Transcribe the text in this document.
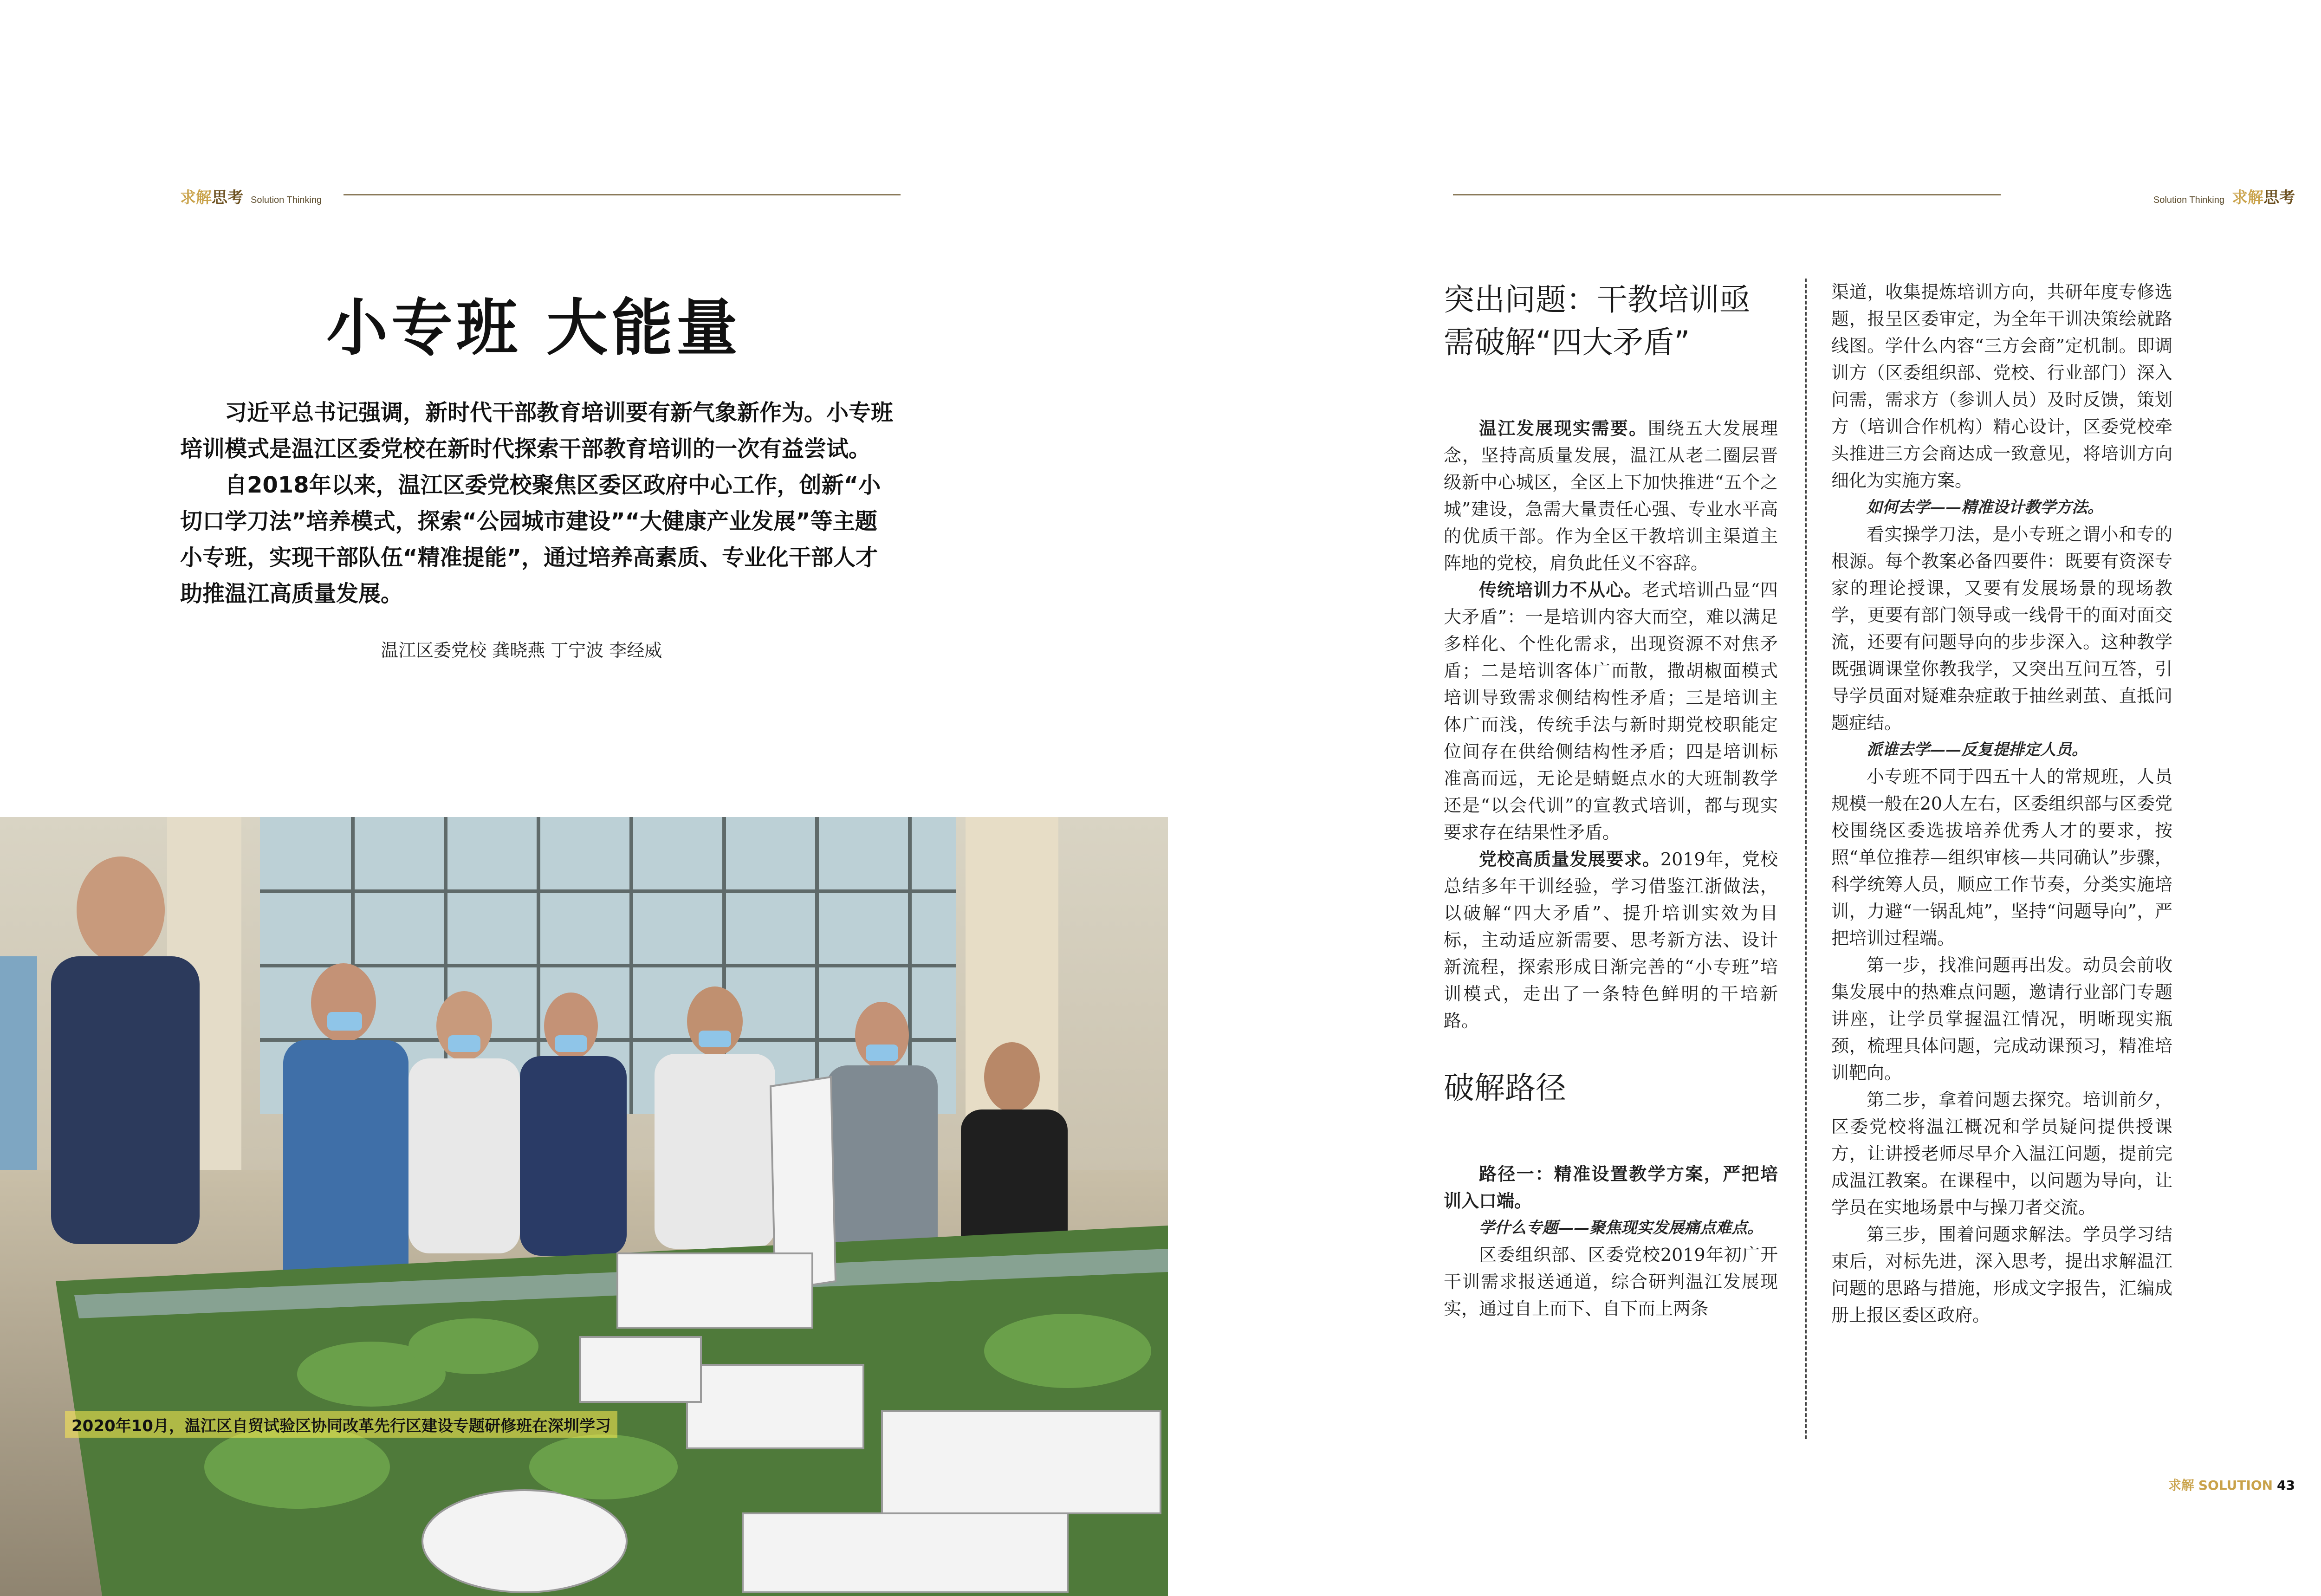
求解思考 Solution Thinking	Solution Thinking 求解思考
小专班 大能量

习近平总书记强调，新时代干部教育培训要有新气象新作为。小专班培训模式是温江区委党校在新时代探索干部教育培训的一次有益尝试。

自2018年以来，温江区委党校聚焦区委区政府中心工作，创新“小切口学刀法”培养模式，探索“公园城市建设”“大健康产业发展”等主题小专班，实现干部队伍“精准提能”，通过培养高素质、专业化干部人才助推温江高质量发展。

温江区委党校 龚晓燕 丁宁波 李经威
2020年10月，温江区自贸试验区协同改革先行区建设专题研修班在深圳学习
突出问题：干教培训亟需破解“四大矛盾”

温江发展现实需要。围绕五大发展理念，坚持高质量发展，温江从老二圈层晋级新中心城区，全区上下加快推进“五个之城”建设，急需大量责任心强、专业水平高的优质干部。作为全区干教培训主渠道主阵地的党校，肩负此任义不容辞。

传统培训力不从心。老式培训凸显“四大矛盾”：一是培训内容大而空，难以满足多样化、个性化需求，出现资源不对焦矛盾；二是培训客体广而散，撒胡椒面模式培训导致需求侧结构性矛盾；三是培训主体广而浅，传统手法与新时期党校职能定位间存在供给侧结构性矛盾；四是培训标准高而远，无论是蜻蜓点水的大班制教学还是“以会代训”的宣教式培训，都与现实要求存在结果性矛盾。

党校高质量发展要求。2019年，党校总结多年干训经验，学习借鉴江浙做法，以破解“四大矛盾”、提升培训实效为目标，主动适应新需要、思考新方法、设计新流程，探索形成日渐完善的“小专班”培训模式，走出了一条特色鲜明的干培新路。

破解路径

路径一：精准设置教学方案，严把培训入口端。

学什么专题——聚焦现实发展痛点难点。

区委组织部、区委党校2019年初广开干训需求报送通道，综合研判温江发展现实，通过自上而下、自下而上两条

渠道，收集提炼培训方向，共研年度专修选题，报呈区委审定，为全年干训决策绘就路线图。学什么内容“三方会商”定机制。即调训方（区委组织部、党校、行业部门）深入问需，需求方（参训人员）及时反馈，策划方（培训合作机构）精心设计，区委党校牵头推进三方会商达成一致意见，将培训方向细化为实施方案。

如何去学——精准设计教学方法。

看实操学刀法，是小专班之谓小和专的根源。每个教案必备四要件：既要有资深专家的理论授课，又要有发展场景的现场教学，更要有部门领导或一线骨干的面对面交流，还要有问题导向的步步深入。这种教学既强调课堂你教我学，又突出互问互答，引导学员面对疑难杂症敢于抽丝剥茧、直抵问题症结。

派谁去学——反复提排定人员。

小专班不同于四五十人的常规班，人员规模一般在20人左右，区委组织部与区委党校围绕区委选拔培养优秀人才的要求，按照“单位推荐—组织审核—共同确认”步骤，科学统筹人员，顺应工作节奏，分类实施培训，力避“一锅乱炖”，坚持“问题导向”，严把培训过程端。

第一步，找准问题再出发。动员会前收集发展中的热难点问题，邀请行业部门专题讲座，让学员掌握温江情况，明晰现实瓶颈，梳理具体问题，完成动课预习，精准培训靶向。

第二步，拿着问题去探究。培训前夕，区委党校将温江概况和学员疑问提供授课方，让讲授老师尽早介入温江问题，提前完成温江教案。在课程中，以问题为导向，让学员在实地场景中与操刀者交流。

第三步，围着问题求解法。学员学习结束后，对标先进，深入思考，提出求解温江问题的思路与措施，形成文字报告，汇编成册上报区委区政府。

求解 SOLUTION 43
